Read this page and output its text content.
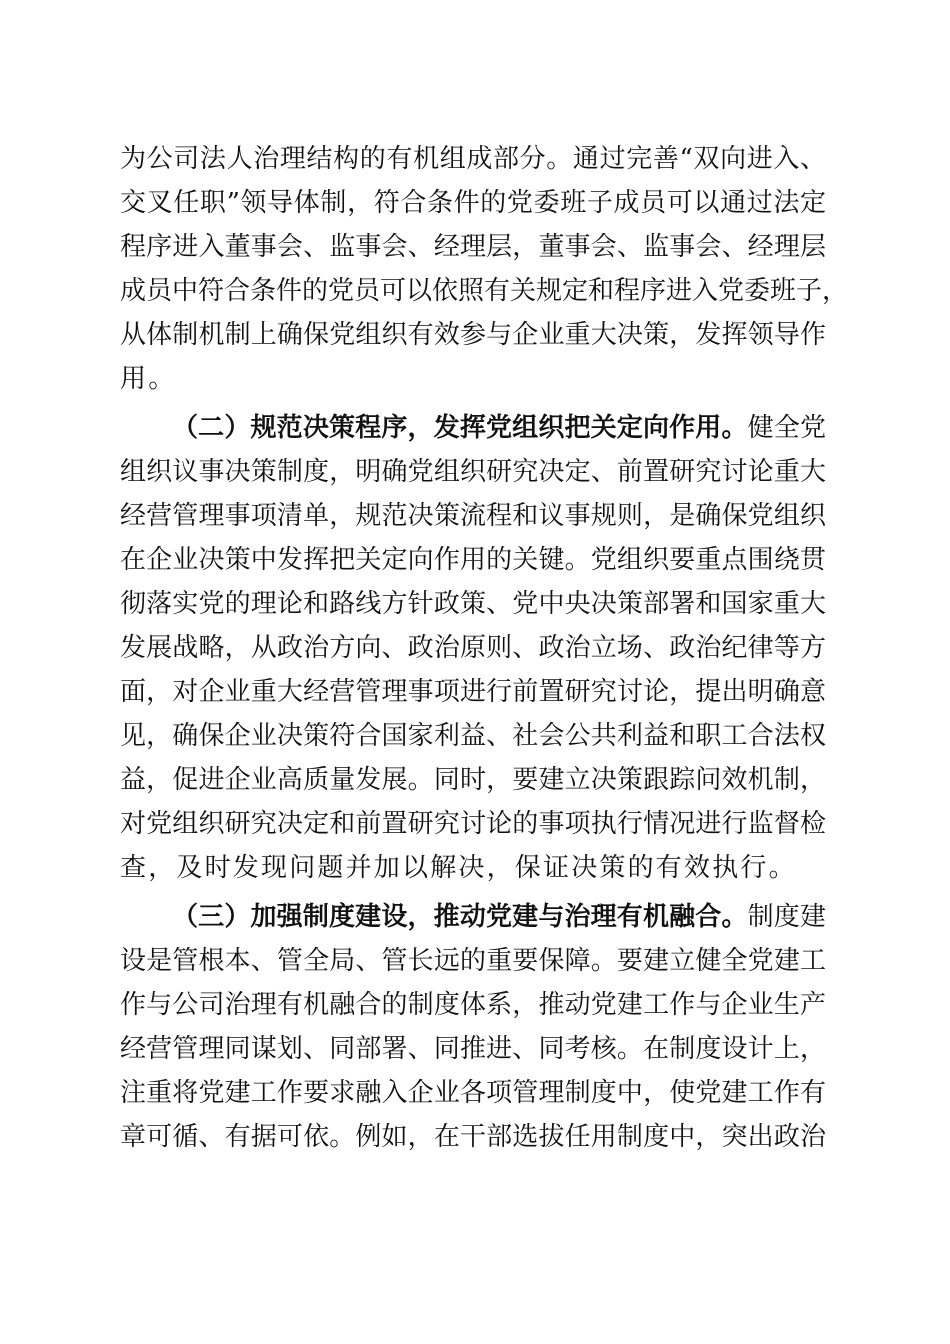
为公司法人治理结构的有机组成部分。通过完善“双向进入、
交叉任职”领导体制，符合条件的党委班子成员可以通过法定
程序进入董事会、监事会、经理层，董事会、监事会、经理层
成员中符合条件的党员可以依照有关规定和程序进入党委班子，
从体制机制上确保党组织有效参与企业重大决策，发挥领导作
用。
（二）规范决策程序，发挥党组织把关定向作用。健全党
组织议事决策制度，明确党组织研究决定、前置研究讨论重大
经营管理事项清单，规范决策流程和议事规则，是确保党组织
在企业决策中发挥把关定向作用的关键。党组织要重点围绕贯
彻落实党的理论和路线方针政策、党中央决策部署和国家重大
发展战略，从政治方向、政治原则、政治立场、政治纪律等方
面，对企业重大经营管理事项进行前置研究讨论，提出明确意
见，确保企业决策符合国家利益、社会公共利益和职工合法权
益，促进企业高质量发展。同时，要建立决策跟踪问效机制，
对党组织研究决定和前置研究讨论的事项执行情况进行监督检
查，及时发现问题并加以解决，保证决策的有效执行。
（三）加强制度建设，推动党建与治理有机融合。制度建
设是管根本、管全局、管长远的重要保障。要建立健全党建工
作与公司治理有机融合的制度体系，推动党建工作与企业生产
经营管理同谋划、同部署、同推进、同考核。在制度设计上，
注重将党建工作要求融入企业各项管理制度中，使党建工作有
章可循、有据可依。例如，在干部选拔任用制度中，突出政治
